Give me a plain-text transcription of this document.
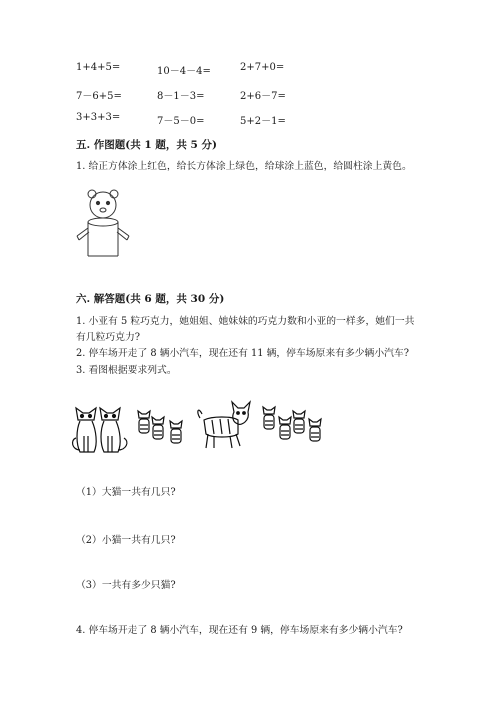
1+4+5=	10－4－4=	2+7+0=
7－6+5=	8－1－3=	2+6－7=
3+3+3=	7－5－0=	5+2－1=
五. 作图题(共 1 题，共 5 分)
1. 给正方体涂上红色，给长方体涂上绿色，给球涂上蓝色，给圆柱涂上黄色。
六. 解答题(共 6 题，共 30 分)
1. 小亚有 5 粒巧克力，她姐姐、她妹妹的巧克力数和小亚的一样多，她们一共
有几粒巧克力?
2. 停车场开走了 8 辆小汽车，现在还有 11 辆，停车场原来有多少辆小汽车?
3. 看图根据要求列式。
（1）大猫一共有几只?
（2）小猫一共有几只?
（3）一共有多少只猫?
4. 停车场开走了 8 辆小汽车，现在还有 9 辆，停车场原来有多少辆小汽车?
